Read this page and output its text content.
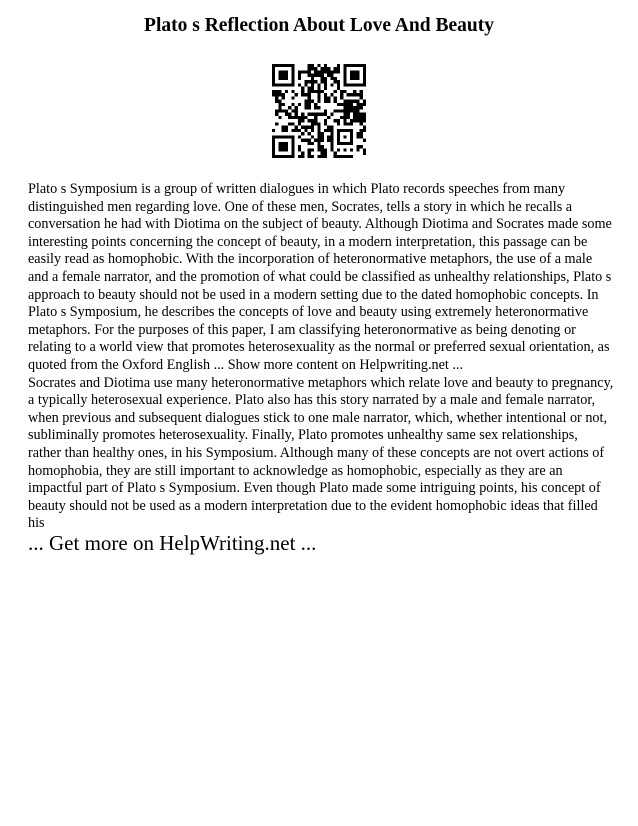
Plato s Reflection About Love And Beauty

Plato s Symposium is a group of written dialogues in which Plato records speeches from many distinguished men regarding love. One of these men, Socrates, tells a story in which he recalls a conversation he had with Diotima on the subject of beauty. Although Diotima and Socrates made some interesting points concerning the concept of beauty, in a modern interpretation, this passage can be easily read as homophobic. With the incorporation of heteronormative metaphors, the use of a male and a female narrator, and the promotion of what could be classified as unhealthy relationships, Plato s approach to beauty should not be used in a modern setting due to the dated homophobic concepts. In Plato s Symposium, he describes the concepts of love and beauty using extremely heteronormative metaphors. For the purposes of this paper, I am classifying heteronormative as being denoting or relating to a world view that promotes heterosexuality as the normal or preferred sexual orientation, as quoted from the Oxford English ... Show more content on Helpwriting.net ...

Socrates and Diotima use many heteronormative metaphors which relate love and beauty to pregnancy, a typically heterosexual experience. Plato also has this story narrated by a male and female narrator, when previous and subsequent dialogues stick to one male narrator, which, whether intentional or not, subliminally promotes heterosexuality. Finally, Plato promotes unhealthy same sex relationships, rather than healthy ones, in his Symposium. Although many of these concepts are not overt actions of homophobia, they are still important to acknowledge as homophobic, especially as they are an impactful part of Plato s Symposium. Even though Plato made some intriguing points, his concept of beauty should not be used as a modern interpretation due to the evident homophobic ideas that filled his

... Get more on HelpWriting.net ...
